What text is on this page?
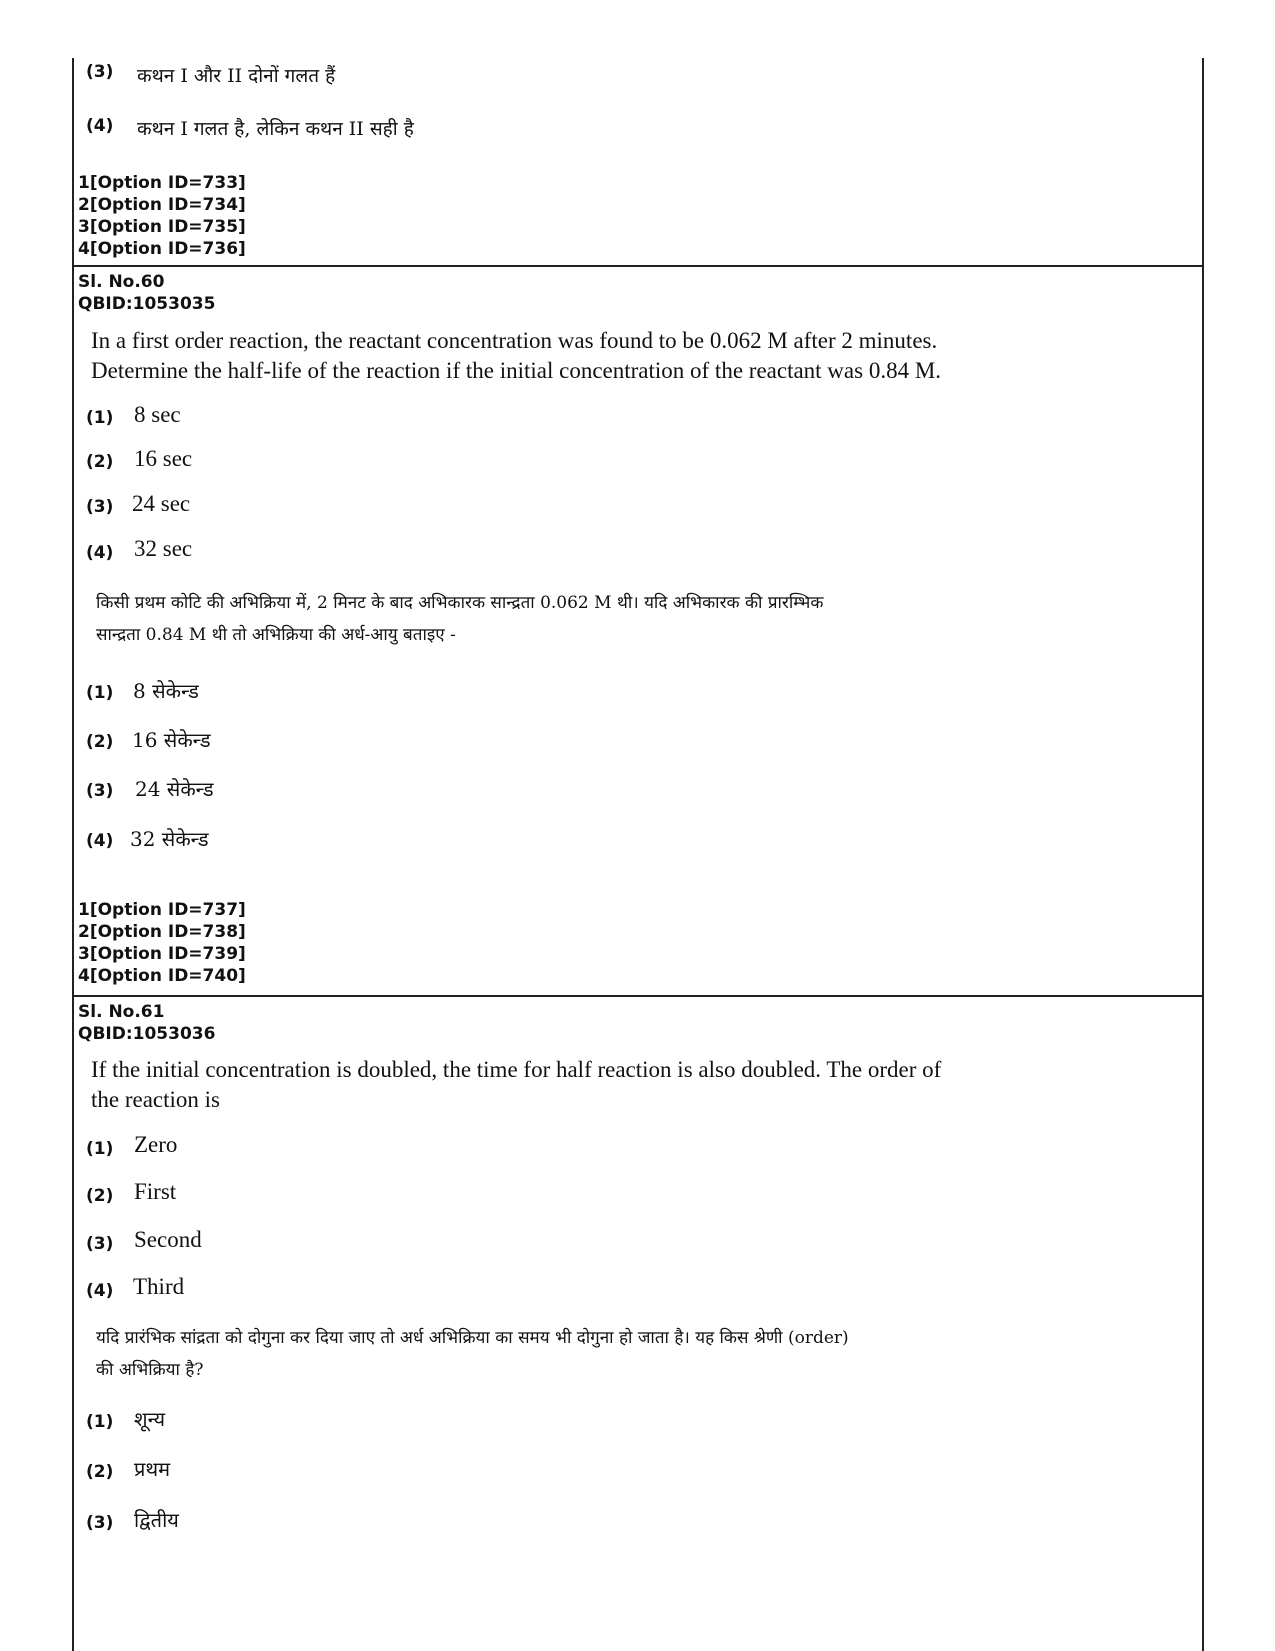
(3) कथन I और II दोनों गलत हैं
(4) कथन I गलत है, लेकिन कथन II सही है
1[Option ID=733]
2[Option ID=734]
3[Option ID=735]
4[Option ID=736]
Sl. No.60
QBID:1053035
In a first order reaction, the reactant concentration was found to be 0.062 M after 2 minutes.
Determine the half-life of the reaction if the initial concentration of the reactant was 0.84 M.
(1) 8 sec
(2) 16 sec
(3) 24 sec
(4) 32 sec
किसी प्रथम कोटि की अभिक्रिया में, 2 मिनट के बाद अभिकारक सान्द्रता 0.062 M थी। यदि अभिकारक की प्रारम्भिक
सान्द्रता 0.84 M थी तो अभिक्रिया की अर्ध-आयु बताइए -
(1) 8 सेकेन्ड
(2) 16 सेकेन्ड
(3) 24 सेकेन्ड
(4) 32 सेकेन्ड
1[Option ID=737]
2[Option ID=738]
3[Option ID=739]
4[Option ID=740]
Sl. No.61
QBID:1053036
If the initial concentration is doubled, the time for half reaction is also doubled. The order of
the reaction is
(1) Zero
(2) First
(3) Second
(4) Third
यदि प्रारंभिक सांद्रता को दोगुना कर दिया जाए तो अर्ध अभिक्रिया का समय भी दोगुना हो जाता है। यह किस श्रेणी (order)
की अभिक्रिया है?
(1) शून्य
(2) प्रथम
(3) द्वितीय
